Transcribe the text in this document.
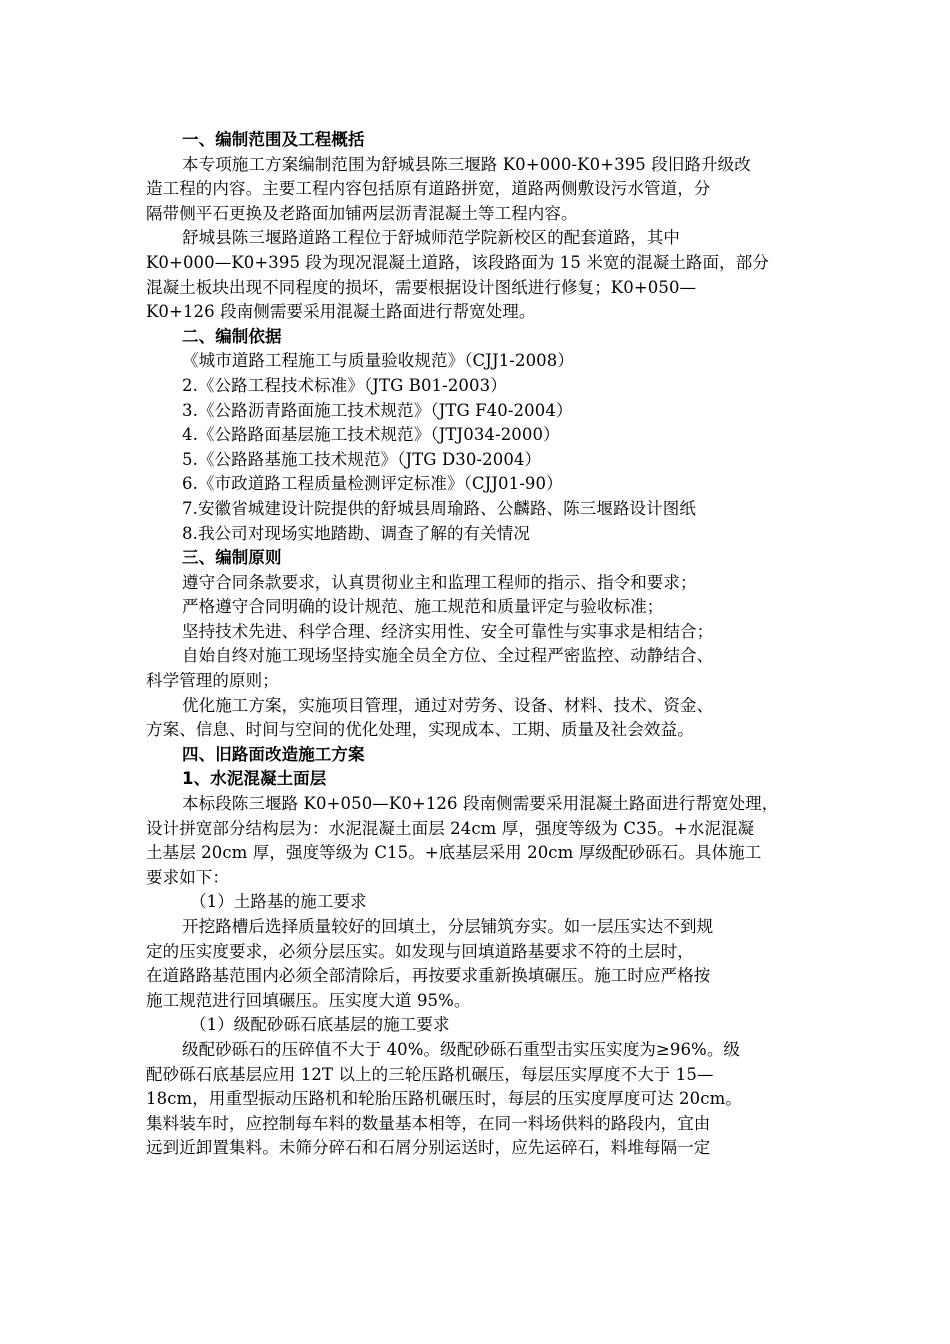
一、编制范围及工程概括
本专项施工方案编制范围为舒城县陈三堰路 K0+000-K0+395 段旧路升级改
造工程的内容。主要工程内容包括原有道路拼宽，道路两侧敷设污水管道，分
隔带侧平石更换及老路面加铺两层沥青混凝土等工程内容。
舒城县陈三堰路道路工程位于舒城师范学院新校区的配套道路，其中
K0+000—K0+395 段为现况混凝土道路，该段路面为 15 米宽的混凝土路面，部分
混凝土板块出现不同程度的损坏，需要根据设计图纸进行修复；K0+050—
K0+126 段南侧需要采用混凝土路面进行帮宽处理。
二、编制依据
《城市道路工程施工与质量验收规范》（CJJ1-2008）
2.《公路工程技术标准》（JTG B01-2003）
3.《公路沥青路面施工技术规范》（JTG F40-2004）
4.《公路路面基层施工技术规范》（JTJ034-2000）
5.《公路路基施工技术规范》（JTG D30-2004）
6.《市政道路工程质量检测评定标准》（CJJ01-90）
7.安徽省城建设计院提供的舒城县周瑜路、公麟路、陈三堰路设计图纸
8.我公司对现场实地踏勘、调查了解的有关情况
三、编制原则
遵守合同条款要求，认真贯彻业主和监理工程师的指示、指令和要求；
严格遵守合同明确的设计规范、施工规范和质量评定与验收标准；
坚持技术先进、科学合理、经济实用性、安全可靠性与实事求是相结合；
自始自终对施工现场坚持实施全员全方位、全过程严密监控、动静结合、
科学管理的原则；
优化施工方案，实施项目管理，通过对劳务、设备、材料、技术、资金、
方案、信息、时间与空间的优化处理，实现成本、工期、质量及社会效益。
四、旧路面改造施工方案
1、水泥混凝土面层
本标段陈三堰路 K0+050—K0+126 段南侧需要采用混凝土路面进行帮宽处理，
设计拼宽部分结构层为：水泥混凝土面层 24cm 厚，强度等级为 C35。+水泥混凝
土基层 20cm 厚，强度等级为 C15。+底基层采用 20cm 厚级配砂砾石。具体施工
要求如下：
（1）土路基的施工要求
开挖路槽后选择质量较好的回填土，分层铺筑夯实。如一层压实达不到规
定的压实度要求，必须分层压实。如发现与回填道路基要求不符的土层时，
在道路路基范围内必须全部清除后，再按要求重新换填碾压。施工时应严格按
施工规范进行回填碾压。压实度大道 95%。
（1）级配砂砾石底基层的施工要求
级配砂砾石的压碎值不大于 40%。级配砂砾石重型击实压实度为≥96%。级
配砂砾石底基层应用 12T 以上的三轮压路机碾压，每层压实厚度不大于 15—
18cm，用重型振动压路机和轮胎压路机碾压时，每层的压实度厚度可达 20cm。
集料装车时，应控制每车料的数量基本相等，在同一料场供料的路段内，宜由
远到近卸置集料。未筛分碎石和石屑分别运送时，应先运碎石，料堆每隔一定
